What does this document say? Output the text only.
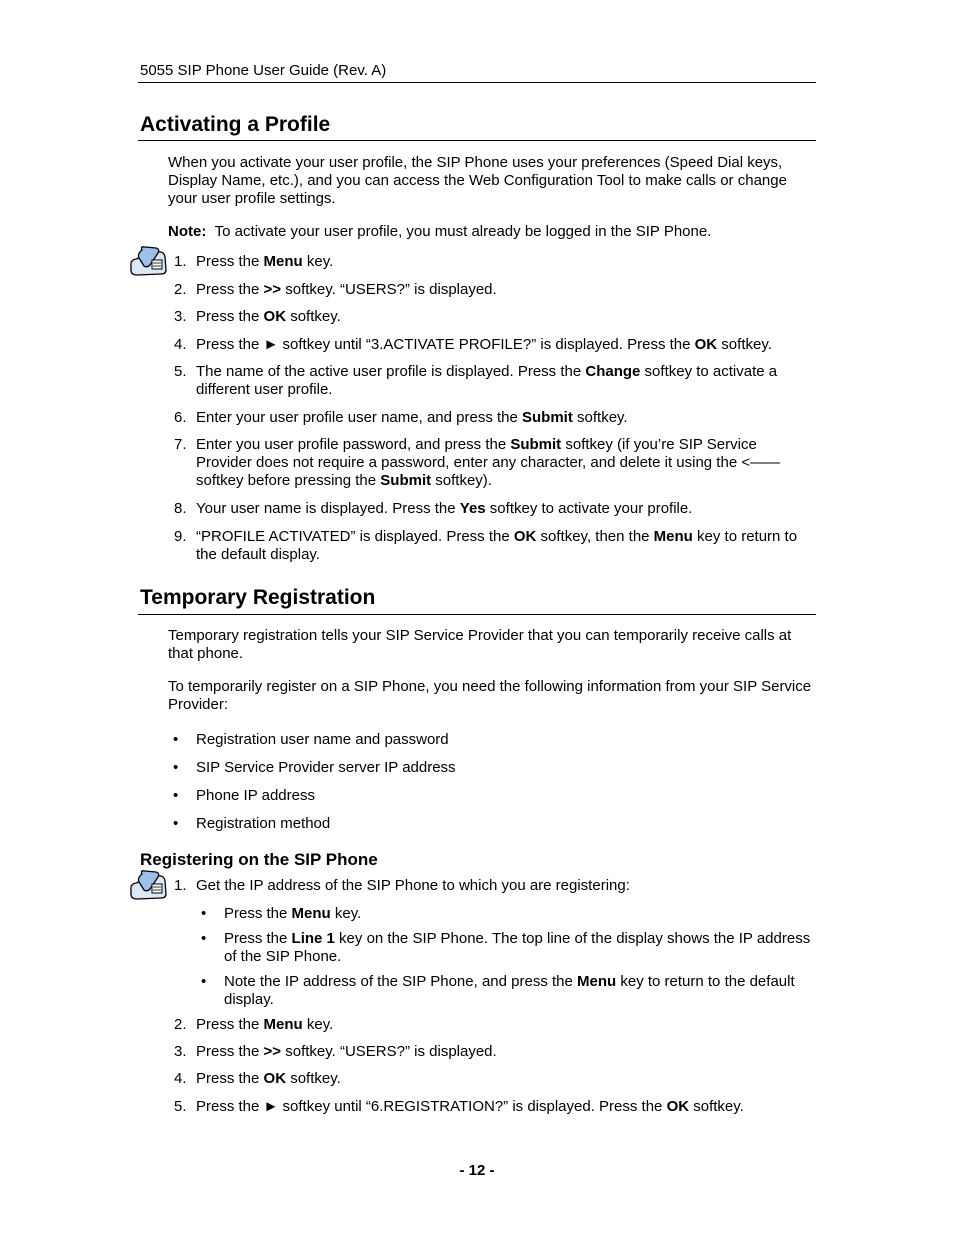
5055 SIP Phone User Guide (Rev. A)
Activating a Profile
When you activate your user profile, the SIP Phone uses your preferences (Speed Dial keys, Display Name, etc.), and you can access the Web Configuration Tool to make calls or change your user profile settings.
Note: To activate your user profile, you must already be logged in the SIP Phone.
1. Press the Menu key.
2. Press the >> softkey. “USERS?” is displayed.
3. Press the OK softkey.
4. Press the ► softkey until “3.ACTIVATE PROFILE?” is displayed. Press the OK softkey.
5. The name of the active user profile is displayed. Press the Change softkey to activate a different user profile.
6. Enter your user profile user name, and press the Submit softkey.
7. Enter you user profile password, and press the Submit softkey (if you’re SIP Service Provider does not require a password, enter any character, and delete it using the <—— softkey before pressing the Submit softkey).
8. Your user name is displayed. Press the Yes softkey to activate your profile.
9. “PROFILE ACTIVATED” is displayed. Press the OK softkey, then the Menu key to return to the default display.
Temporary Registration
Temporary registration tells your SIP Service Provider that you can temporarily receive calls at that phone.
To temporarily register on a SIP Phone, you need the following information from your SIP Service Provider:
•	Registration user name and password
•	SIP Service Provider server IP address
•	Phone IP address
•	Registration method
Registering on the SIP Phone
1. Get the IP address of the SIP Phone to which you are registering:
•	Press the Menu key.
•	Press the Line 1 key on the SIP Phone. The top line of the display shows the IP address of the SIP Phone.
•	Note the IP address of the SIP Phone, and press the Menu key to return to the default display.
2. Press the Menu key.
3. Press the >> softkey. “USERS?” is displayed.
4. Press the OK softkey.
5. Press the ► softkey until “6.REGISTRATION?” is displayed. Press the OK softkey.
- 12 -
